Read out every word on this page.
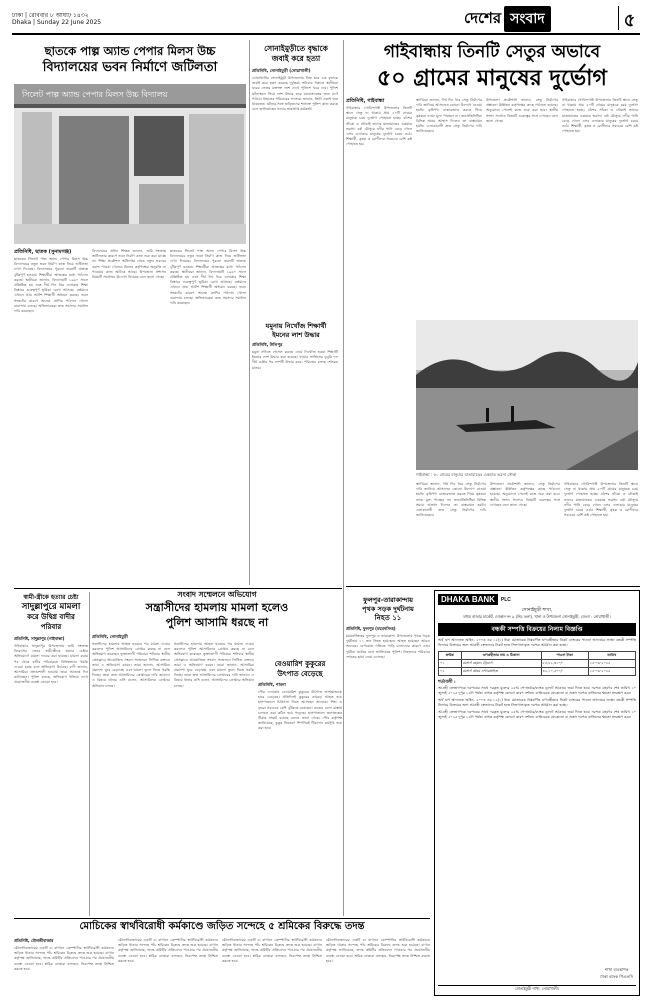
ঢাকা | রোববার ৮ আষাঢ় ১৪৩২
Dhaka | Sunday 22 June 2025	দেশের সংবাদ	৫
ছাতকে পাল্প অ্যান্ড পেপার মিলস উচ্চ
বিদ্যালয়ের ভবন নির্মাণে জটিলতা
সিলেট পাল্প অ্যান্ড পেপার মিলস উচ্চ বিদ্যালয়
প্রতিনিধি, ছাতক (সুনামগঞ্জ)
ছাতকের সিলেট পাল্প অ্যান্ড পেপার মিলস উচ্চ বিদ্যালয়ের নতুন ভবন নির্মাণ কাজ নিয়ে জটিলতা দেখা দিয়েছে। বিদ্যালয়ের পুরনো ভবনটি অত্যন্ত ঝুঁকিপূর্ণ হওয়ায় শিক্ষার্থীরা আতঙ্কের মধ্যে পাঠদান করছে। স্থানীয়রা জানান, বিদ্যালয়টি ১৯৬০ সালে প্রতিষ্ঠিত হয় এবং দীর্ঘ দিন ধরে এলাকার শিক্ষা বিস্তারে গুরুত্বপূর্ণ ভূমিকা রেখে আসছে। বর্তমানে এখানে প্রায় আটশ শিক্ষার্থী অধ্যয়ন করছে। ভবন সংকটের কারণে অনেক শ্রেণির পাঠদান খোলা বারান্দায় চলছে। অভিভাবকরা দ্রুত সমস্যার সমাধান দাবি করেছেন।
বিদ্যালয়ের প্রধান শিক্ষক জানান, জমি সংক্রান্ত জটিলতার কারণে ভবন নির্মাণ কাজ শুরু করা যাচ্ছে না। শিক্ষা প্রকৌশল অধিদপ্তর থেকে নতুন ভবনের বরাদ্দ পাওয়া গেলেও মিলের কর্তৃপক্ষের অনুমতি না পাওয়ায় কাজ আটকে আছে। উপজেলা প্রশাসন বিষয়টি সমাধানে উদ্যোগ নিয়েছে বলে জানা গেছে।
ছাতকের সিলেট পাল্প অ্যান্ড পেপার মিলস উচ্চ বিদ্যালয়ের নতুন ভবন নির্মাণ কাজ নিয়ে জটিলতা দেখা দিয়েছে। বিদ্যালয়ের পুরনো ভবনটি অত্যন্ত ঝুঁকিপূর্ণ হওয়ায় শিক্ষার্থীরা আতঙ্কের মধ্যে পাঠদান করছে। স্থানীয়রা জানান, বিদ্যালয়টি ১৯৬০ সালে প্রতিষ্ঠিত হয় এবং দীর্ঘ দিন ধরে এলাকার শিক্ষা বিস্তারে গুরুত্বপূর্ণ ভূমিকা রেখে আসছে। বর্তমানে এখানে প্রায় আটশ শিক্ষার্থী অধ্যয়ন করছে। ভবন সংকটের কারণে অনেক শ্রেণির পাঠদান খোলা বারান্দায় চলছে। অভিভাবকরা দ্রুত সমস্যার সমাধান দাবি করেছেন।
সোনাইমুড়ীতে বৃদ্ধাকে
জবাই করে হত্যা
প্রতিনিধি, সোনাইমুড়ী (নোয়াখালী)
নোয়াখালীর সোনাইমুড়ী উপজেলায় নিজ ঘরে এক বৃদ্ধাকে জবাই করে হত্যা করেছে দুর্বৃত্তরা। শনিবার সকালে স্থানীয়রা ঘরের ভেতর রক্তাক্ত লাশ দেখে পুলিশে খবর দেয়। পুলিশ ঘটনাস্থলে গিয়ে লাশ উদ্ধার করে ময়নাতদন্তের জন্য মর্গে পাঠায়। নিহতের পরিবারের সদস্যরা জানান, তিনি একাই ঘরে থাকতেন। ঘটনার সঙ্গে জড়িতদের শনাক্তে পুলিশ কাজ করছে বলে জানিয়েছেন থানার ভারপ্রাপ্ত কর্মকর্তা।
গাইবান্ধায় তিনটি সেতুর অভাবে
৫০ গ্রামের মানুষের দুর্ভোগ
প্রতিনিধি, গাইবান্ধা
গাইবান্ধার গোবিন্দগঞ্জ উপজেলার তিনটি স্থানে সেতু না থাকায় প্রায় ৫০টি গ্রামের মানুষকে চরম দুর্ভোগ পোহাতে হচ্ছে। বাঁশের সাঁকো ও নৌকাই তাদের যাতায়াতের একমাত্র ভরসা। বর্ষা মৌসুমে নদীর পানি বেড়ে গেলে এসব এলাকার মানুষের দুর্ভোগ চরমে ওঠে। শিক্ষার্থী, কৃষক ও রোগীদের সবচেয়ে বেশি কষ্ট পোহাতে হয়।
স্থানীয়রা জানান, দীর্ঘ দিন ধরে সেতু নির্মাণের দাবি জানিয়ে আসলেও কোনো উদ্যোগ নেওয়া হয়নি। কৃষিপণ্য বাজারজাত করতে গিয়ে কৃষকরা ন্যায্য মূল্য পাচ্ছেন না। জনপ্রতিনিধিরা বিভিন্ন সময়ে আশ্বাস দিলেও তা বাস্তবায়ন হয়নি। এলাকাবাসী দ্রুত সেতু নির্মাণের দাবি জানিয়েছেন।
উপজেলা প্রকৌশলী জানান, সেতু নির্মাণের প্রস্তাবনা ঊর্ধ্বতন কর্তৃপক্ষের কাছে পাঠানো হয়েছে। অনুমোদন পেলেই কাজ শুরু করা হবে। স্থানীয় সংসদ সদস্যও বিষয়টি গুরুত্বের সঙ্গে দেখছেন বলে জানা গেছে।
গাইবান্ধার গোবিন্দগঞ্জ উপজেলার তিনটি স্থানে সেতু না থাকায় প্রায় ৫০টি গ্রামের মানুষকে চরম দুর্ভোগ পোহাতে হচ্ছে। বাঁশের সাঁকো ও নৌকাই তাদের যাতায়াতের একমাত্র ভরসা। বর্ষা মৌসুমে নদীর পানি বেড়ে গেলে এসব এলাকার মানুষের দুর্ভোগ চরমে ওঠে। শিক্ষার্থী, কৃষক ও রোগীদের সবচেয়ে বেশি কষ্ট পোহাতে হয়।
গাইবান্ধা : ৫০ গ্রামের মানুষের যাতায়াতের একমাত্র ভরসা নৌকা
স্থানীয়রা জানান, দীর্ঘ দিন ধরে সেতু নির্মাণের দাবি জানিয়ে আসলেও কোনো উদ্যোগ নেওয়া হয়নি। কৃষিপণ্য বাজারজাত করতে গিয়ে কৃষকরা ন্যায্য মূল্য পাচ্ছেন না। জনপ্রতিনিধিরা বিভিন্ন সময়ে আশ্বাস দিলেও তা বাস্তবায়ন হয়নি। এলাকাবাসী দ্রুত সেতু নির্মাণের দাবি জানিয়েছেন।
উপজেলা প্রকৌশলী জানান, সেতু নির্মাণের প্রস্তাবনা ঊর্ধ্বতন কর্তৃপক্ষের কাছে পাঠানো হয়েছে। অনুমোদন পেলেই কাজ শুরু করা হবে। স্থানীয় সংসদ সদস্যও বিষয়টি গুরুত্বের সঙ্গে দেখছেন বলে জানা গেছে।
গাইবান্ধার গোবিন্দগঞ্জ উপজেলার তিনটি স্থানে সেতু না থাকায় প্রায় ৫০টি গ্রামের মানুষকে চরম দুর্ভোগ পোহাতে হচ্ছে। বাঁশের সাঁকো ও নৌকাই তাদের যাতায়াতের একমাত্র ভরসা। বর্ষা মৌসুমে নদীর পানি বেড়ে গেলে এসব এলাকার মানুষের দুর্ভোগ চরমে ওঠে। শিক্ষার্থী, কৃষক ও রোগীদের সবচেয়ে বেশি কষ্ট পোহাতে হয়।
যমুনায় নিখোঁজ শিক্ষার্থী
ইমনের লাশ উদ্ধার
প্রতিনিধি, উলিপুর
যমুনা নদীতে গোসল করতে নেমে নিখোঁজ হওয়া শিক্ষার্থী ইমনের লাশ উদ্ধার করা হয়েছে। ফায়ার সার্ভিসের ডুবুরি দল দীর্ঘ চেষ্টার পর লাশটি উদ্ধার করে। পরিবারে চলছে শোকের মাতম।
স্বামী-স্ত্রীকে হত্যার চেষ্টা
সাদুল্লাপুরে মামলা
করে উদ্বিগ্ন বাদীর
পরিবার
প্রতিনিধি, সাদুল্লাপুর (গাইবান্ধা)
গাইবান্ধার সাদুল্লাপুর উপজেলায় জমি সংক্রান্ত বিরোধের জেরে স্বামী-স্ত্রীকে হত্যার চেষ্টার অভিযোগে মামলা দায়ের করা হয়েছে। মামলা করার পর থেকে বাদীর পরিবারকে বিভিন্নভাবে হুমকি দেওয়া হচ্ছে বলে অভিযোগ উঠেছে। বাদী জানান, আসামিরা প্রভাবশালী হওয়ায় তারা আতঙ্কে দিন কাটাচ্ছেন। পুলিশ বলছে, অভিযোগ খতিয়ে দেখে প্রয়োজনীয় ব্যবস্থা নেওয়া হবে।
সংবাদ সম্মেলনে অভিযোগ
সন্ত্রাসীদের হামলায় মামলা হলেও
পুলিশ আসামি ধরছে না
প্রতিনিধি, সোনাইমুড়ী
সন্ত্রাসীদের হামলায় আহত হওয়ার পর মামলা দায়ের করলেও পুলিশ আসামিদের গ্রেপ্তার করছে না বলে অভিযোগ করেছেন ভুক্তভোগী পরিবার। শনিবার স্থানীয় প্রেসক্লাবে আয়োজিত সংবাদ সম্মেলনে লিখিত বক্তব্যে তারা এ অভিযোগ করেন। তারা জানান, আসামিরা প্রকাশ্যে ঘুরে বেড়াচ্ছে এবং মামলা তুলে নিতে হুমকি দিচ্ছে। তারা দ্রুত আসামিদের গ্রেপ্তারের দাবি জানান। এ বিষয়ে থানার ওসি বলেন, আসামিদের গ্রেপ্তারে অভিযান চলছে।
সন্ত্রাসীদের হামলায় আহত হওয়ার পর মামলা দায়ের করলেও পুলিশ আসামিদের গ্রেপ্তার করছে না বলে অভিযোগ করেছেন ভুক্তভোগী পরিবার। শনিবার স্থানীয় প্রেসক্লাবে আয়োজিত সংবাদ সম্মেলনে লিখিত বক্তব্যে তারা এ অভিযোগ করেন। তারা জানান, আসামিরা প্রকাশ্যে ঘুরে বেড়াচ্ছে এবং মামলা তুলে নিতে হুমকি দিচ্ছে। তারা দ্রুত আসামিদের গ্রেপ্তারের দাবি জানান। এ বিষয়ে থানার ওসি বলেন, আসামিদের গ্রেপ্তারে অভিযান চলছে।
বেওয়ারিশ কুকুরের
উৎপাত বেড়েছে
প্রতিনিধি, পাবনা
পৌর এলাকায় বেওয়ারিশ কুকুরের উৎপাত আশঙ্কাজনক হারে বেড়েছে। প্রতিদিনই কুকুরের কামড়ে আহত হয়ে হাসপাতালে চিকিৎসা নিতে আসছেন অনেকে। শিশু ও বৃদ্ধরা সবচেয়ে বেশি ঝুঁকিতে রয়েছেন। রাতের বেলা রাস্তায় চলাচল করা কঠিন হয়ে পড়েছে। হাসপাতালে জলাতঙ্কের টিকার সংকট রয়েছে বলেও জানা গেছে। পৌর কর্তৃপক্ষ জানিয়েছে, কুকুর নিয়ন্ত্রণে শিগগিরই টিকাদান কর্মসূচি শুরু করা হবে।
ফুলপুর-তারাকান্দায়
পৃথক সড়ক দুর্ঘটনায়
নিহত ১১
প্রতিনিধি, ফুলপুর (ময়মনসিংহ)
ময়মনসিংহের ফুলপুর ও তারাকান্দা উপজেলায় পৃথক সড়ক দুর্ঘটনায় ১১ জন নিহত হয়েছেন। আহত হয়েছেন আরও অনেকে। বেপরোয়া গতিতে গাড়ি চালানোর কারণে এসব দুর্ঘটনা ঘটেছে বলে জানিয়েছে পুলিশ। নিহতদের পরিবারে শোকের ছায়া নেমে এসেছে।
DHAKA BANK	PLC
সোনাইমুড়ী শাখা,
মধ্যম বাজার মার্কেট, দোকান নং ৯ (নিচ তলা), থানা ও উপজেলা সোনাইমুড়ী, জেলা : নোয়াখালী।
বন্ধকী সম্পত্তি বিক্রয়ের নিলাম বিজ্ঞপ্তি
অর্থ ঋণ আদালত আইন, ২০০৩ এর ১২(১) ধারা মোতাবেক নিম্নবর্ণিত ঋণগ্রহীতার নিকট ব্যাংকের পাওনা আদায়ের লক্ষ্যে বন্ধকী সম্পত্তি নিলামে বিক্রয়ের জন্য আগ্রহী ক্রেতাদের নিকট হতে সিলগালাকৃত দরপত্র আহ্বান করা হচ্ছে।
ক্রমিক	ঋণগ্রহীতার নাম ও ঠিকানা	পাওনা টাকা	তারিখ
০১	মেসার্স রহমান ট্রেডার্স	৮৫,৪২,৩১০/-	১৫-০৬-২০২৫
০২	মেসার্স করিম এন্টারপ্রাইজ	৪২,১০,৫০০/-	১৫-০৬-২০২৫
শর্তাবলী :
আগ্রহী ক্রেতাগণকে দরপত্রের সাথে দরকৃত মূল্যের ২৫% পে-অর্ডার/ব্যাংক ড্রাফট আকারে জমা দিতে হবে। দরপত্র গ্রহণের শেষ তারিখ ১০ জুলাই ২০২৫ দুপুর ১২টা পর্যন্ত। ব্যাংক কর্তৃপক্ষ কোনো কারণ দর্শানো ব্যতিরেকে যেকোনো বা সকল দরপত্র বাতিলের ক্ষমতা সংরক্ষণ করে।
অর্থ ঋণ আদালত আইন, ২০০৩ এর ১২(১) ধারা মোতাবেক নিম্নবর্ণিত ঋণগ্রহীতার নিকট ব্যাংকের পাওনা আদায়ের লক্ষ্যে বন্ধকী সম্পত্তি নিলামে বিক্রয়ের জন্য আগ্রহী ক্রেতাদের নিকট হতে সিলগালাকৃত দরপত্র আহ্বান করা হচ্ছে।
আগ্রহী ক্রেতাগণকে দরপত্রের সাথে দরকৃত মূল্যের ২৫% পে-অর্ডার/ব্যাংক ড্রাফট আকারে জমা দিতে হবে। দরপত্র গ্রহণের শেষ তারিখ ১০ জুলাই ২০২৫ দুপুর ১২টা পর্যন্ত। ব্যাংক কর্তৃপক্ষ কোনো কারণ দর্শানো ব্যতিরেকে যেকোনো বা সকল দরপত্র বাতিলের ক্ষমতা সংরক্ষণ করে।
শাখা ব্যবস্থাপক
ঢাকা ব্যাংক পিএলসি
সোনাইমুড়ী শাখা, নোয়াখালী।
মোচিকের স্বার্থবিরোধী কর্মকাণ্ডে জড়িত সন্দেহে ৫ শ্রমিকের বিরুদ্ধে তদন্ত
প্রতিনিধি, মৌলভীবাজার
মৌলভীবাজারের একটি চা বাগানে কোম্পানির স্বার্থবিরোধী কর্মকাণ্ডে জড়িত থাকার সন্দেহে পাঁচ শ্রমিকের বিরুদ্ধে তদন্ত শুরু হয়েছে। বাগান কর্তৃপক্ষ জানিয়েছে, তদন্ত কমিটির প্রতিবেদন পাওয়ার পর প্রয়োজনীয় ব্যবস্থা নেওয়া হবে। শ্রমিক নেতারা বলছেন, নিরপেক্ষ তদন্ত নিশ্চিত করতে হবে।
মৌলভীবাজারের একটি চা বাগানে কোম্পানির স্বার্থবিরোধী কর্মকাণ্ডে জড়িত থাকার সন্দেহে পাঁচ শ্রমিকের বিরুদ্ধে তদন্ত শুরু হয়েছে। বাগান কর্তৃপক্ষ জানিয়েছে, তদন্ত কমিটির প্রতিবেদন পাওয়ার পর প্রয়োজনীয় ব্যবস্থা নেওয়া হবে। শ্রমিক নেতারা বলছেন, নিরপেক্ষ তদন্ত নিশ্চিত করতে হবে।
মৌলভীবাজারের একটি চা বাগানে কোম্পানির স্বার্থবিরোধী কর্মকাণ্ডে জড়িত থাকার সন্দেহে পাঁচ শ্রমিকের বিরুদ্ধে তদন্ত শুরু হয়েছে। বাগান কর্তৃপক্ষ জানিয়েছে, তদন্ত কমিটির প্রতিবেদন পাওয়ার পর প্রয়োজনীয় ব্যবস্থা নেওয়া হবে। শ্রমিক নেতারা বলছেন, নিরপেক্ষ তদন্ত নিশ্চিত করতে হবে।
মৌলভীবাজারের একটি চা বাগানে কোম্পানির স্বার্থবিরোধী কর্মকাণ্ডে জড়িত থাকার সন্দেহে পাঁচ শ্রমিকের বিরুদ্ধে তদন্ত শুরু হয়েছে। বাগান কর্তৃপক্ষ জানিয়েছে, তদন্ত কমিটির প্রতিবেদন পাওয়ার পর প্রয়োজনীয় ব্যবস্থা নেওয়া হবে। শ্রমিক নেতারা বলছেন, নিরপেক্ষ তদন্ত নিশ্চিত করতে হবে।
